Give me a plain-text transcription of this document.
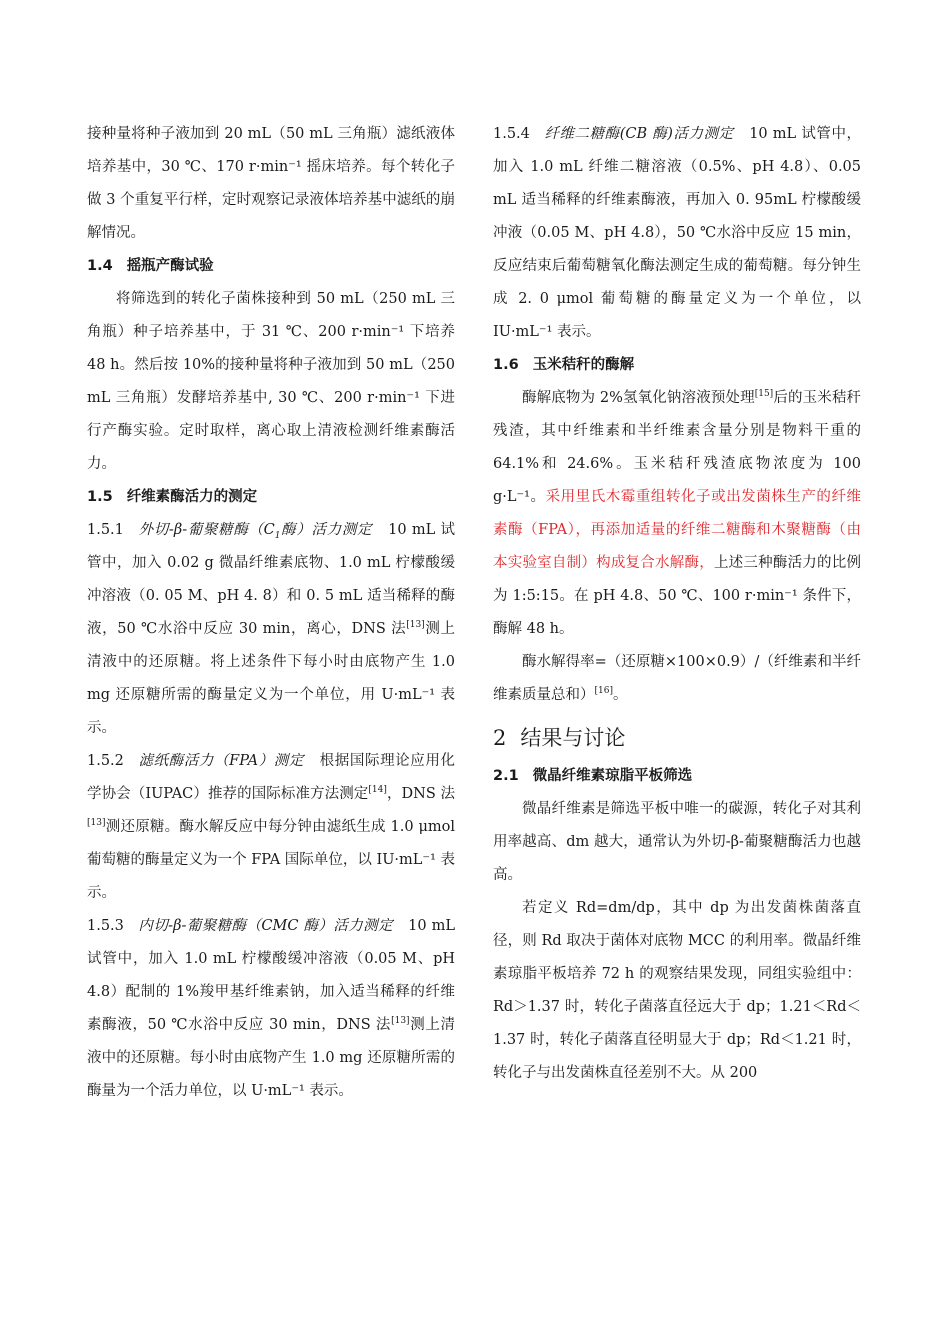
接种量将种子液加到 20 mL（50 mL 三角瓶）滤纸液体培养基中，30 ℃、170 r·min⁻¹ 摇床培养。每个转化子做 3 个重复平行样，定时观察记录液体培养基中滤纸的崩解情况。

1.4 摇瓶产酶试验

将筛选到的转化子菌株接种到 50 mL（250 mL 三角瓶）种子培养基中，于 31 ℃、200 r·min⁻¹ 下培养 48 h。然后按 10%的接种量将种子液加到 50 mL（250 mL 三角瓶）发酵培养基中, 30 ℃、200 r·min⁻¹ 下进行产酶实验。定时取样，离心取上清液检测纤维素酶活力。

1.5 纤维素酶活力的测定

1.5.1 外切-β-葡聚糖酶（$C_1$酶）活力测定 10 mL 试管中，加入 0.02 g 微晶纤维素底物、1.0 mL 柠檬酸缓冲溶液（0. 05 M、pH 4. 8）和 0. 5 mL 适当稀释的酶液，50 ℃水浴中反应 30 min，离心，DNS 法[13]测上清液中的还原糖。将上述条件下每小时由底物产生 1.0 mg 还原糖所需的酶量定义为一个单位，用 U·mL⁻¹ 表示。

1.5.2 滤纸酶活力（FPA）测定 根据国际理论应用化学协会（IUPAC）推荐的国际标准方法测定[14]，DNS 法[13]测还原糖。酶水解反应中每分钟由滤纸生成 1.0 μmol 葡萄糖的酶量定义为一个 FPA 国际单位，以 IU·mL⁻¹ 表示。

1.5.3 内切-β-葡聚糖酶（CMC 酶）活力测定 10 mL 试管中，加入 1.0 mL 柠檬酸缓冲溶液（0.05 M、pH 4.8）配制的 1%羧甲基纤维素钠，加入适当稀释的纤维素酶液，50 ℃水浴中反应 30 min，DNS 法[13]测上清液中的还原糖。每小时由底物产生 1.0 mg 还原糖所需的酶量为一个活力单位，以 U·mL⁻¹ 表示。

1.5.4 纤维二糖酶(CB 酶)活力测定 10 mL 试管中，加入 1.0 mL 纤维二糖溶液（0.5%、pH 4.8）、0.05 mL 适当稀释的纤维素酶液，再加入 0. 95mL 柠檬酸缓冲液（0.05 M、pH 4.8），50 ℃水浴中反应 15 min，反应结束后葡萄糖氧化酶法测定生成的葡萄糖。每分钟生成 2. 0 μmol 葡萄糖的酶量定义为一个单位，以 IU·mL⁻¹ 表示。

1.6 玉米秸秆的酶解

酶解底物为 2%氢氧化钠溶液预处理[15]后的玉米秸秆残渣，其中纤维素和半纤维素含量分别是物料干重的 64.1%和 24.6%。玉米秸秆残渣底物浓度为 100 g·L⁻¹。采用里氏木霉重组转化子或出发菌株生产的纤维素酶（FPA），再添加适量的纤维二糖酶和木聚糖酶（由本实验室自制）构成复合水解酶，上述三种酶活力的比例为 1:5:15。在 pH 4.8、50 ℃、100 r·min⁻¹ 条件下，酶解 48 h。

酶水解得率=（还原糖×100×0.9）/（纤维素和半纤维素质量总和）[16]。

2 结果与讨论
2.1 微晶纤维素琼脂平板筛选

微晶纤维素是筛选平板中唯一的碳源，转化子对其利用率越高、dm 越大，通常认为外切-β-葡聚糖酶活力也越高。

若定义 Rd=dm/dp，其中 dp 为出发菌株菌落直径，则 Rd 取决于菌体对底物 MCC 的利用率。微晶纤维素琼脂平板培养 72 h 的观察结果发现，同组实验组中：Rd＞1.37 时，转化子菌落直径远大于 dp；1.21＜Rd＜1.37 时，转化子菌落直径明显大于 dp；Rd＜1.21 时，转化子与出发菌株直径差别不大。从 200
